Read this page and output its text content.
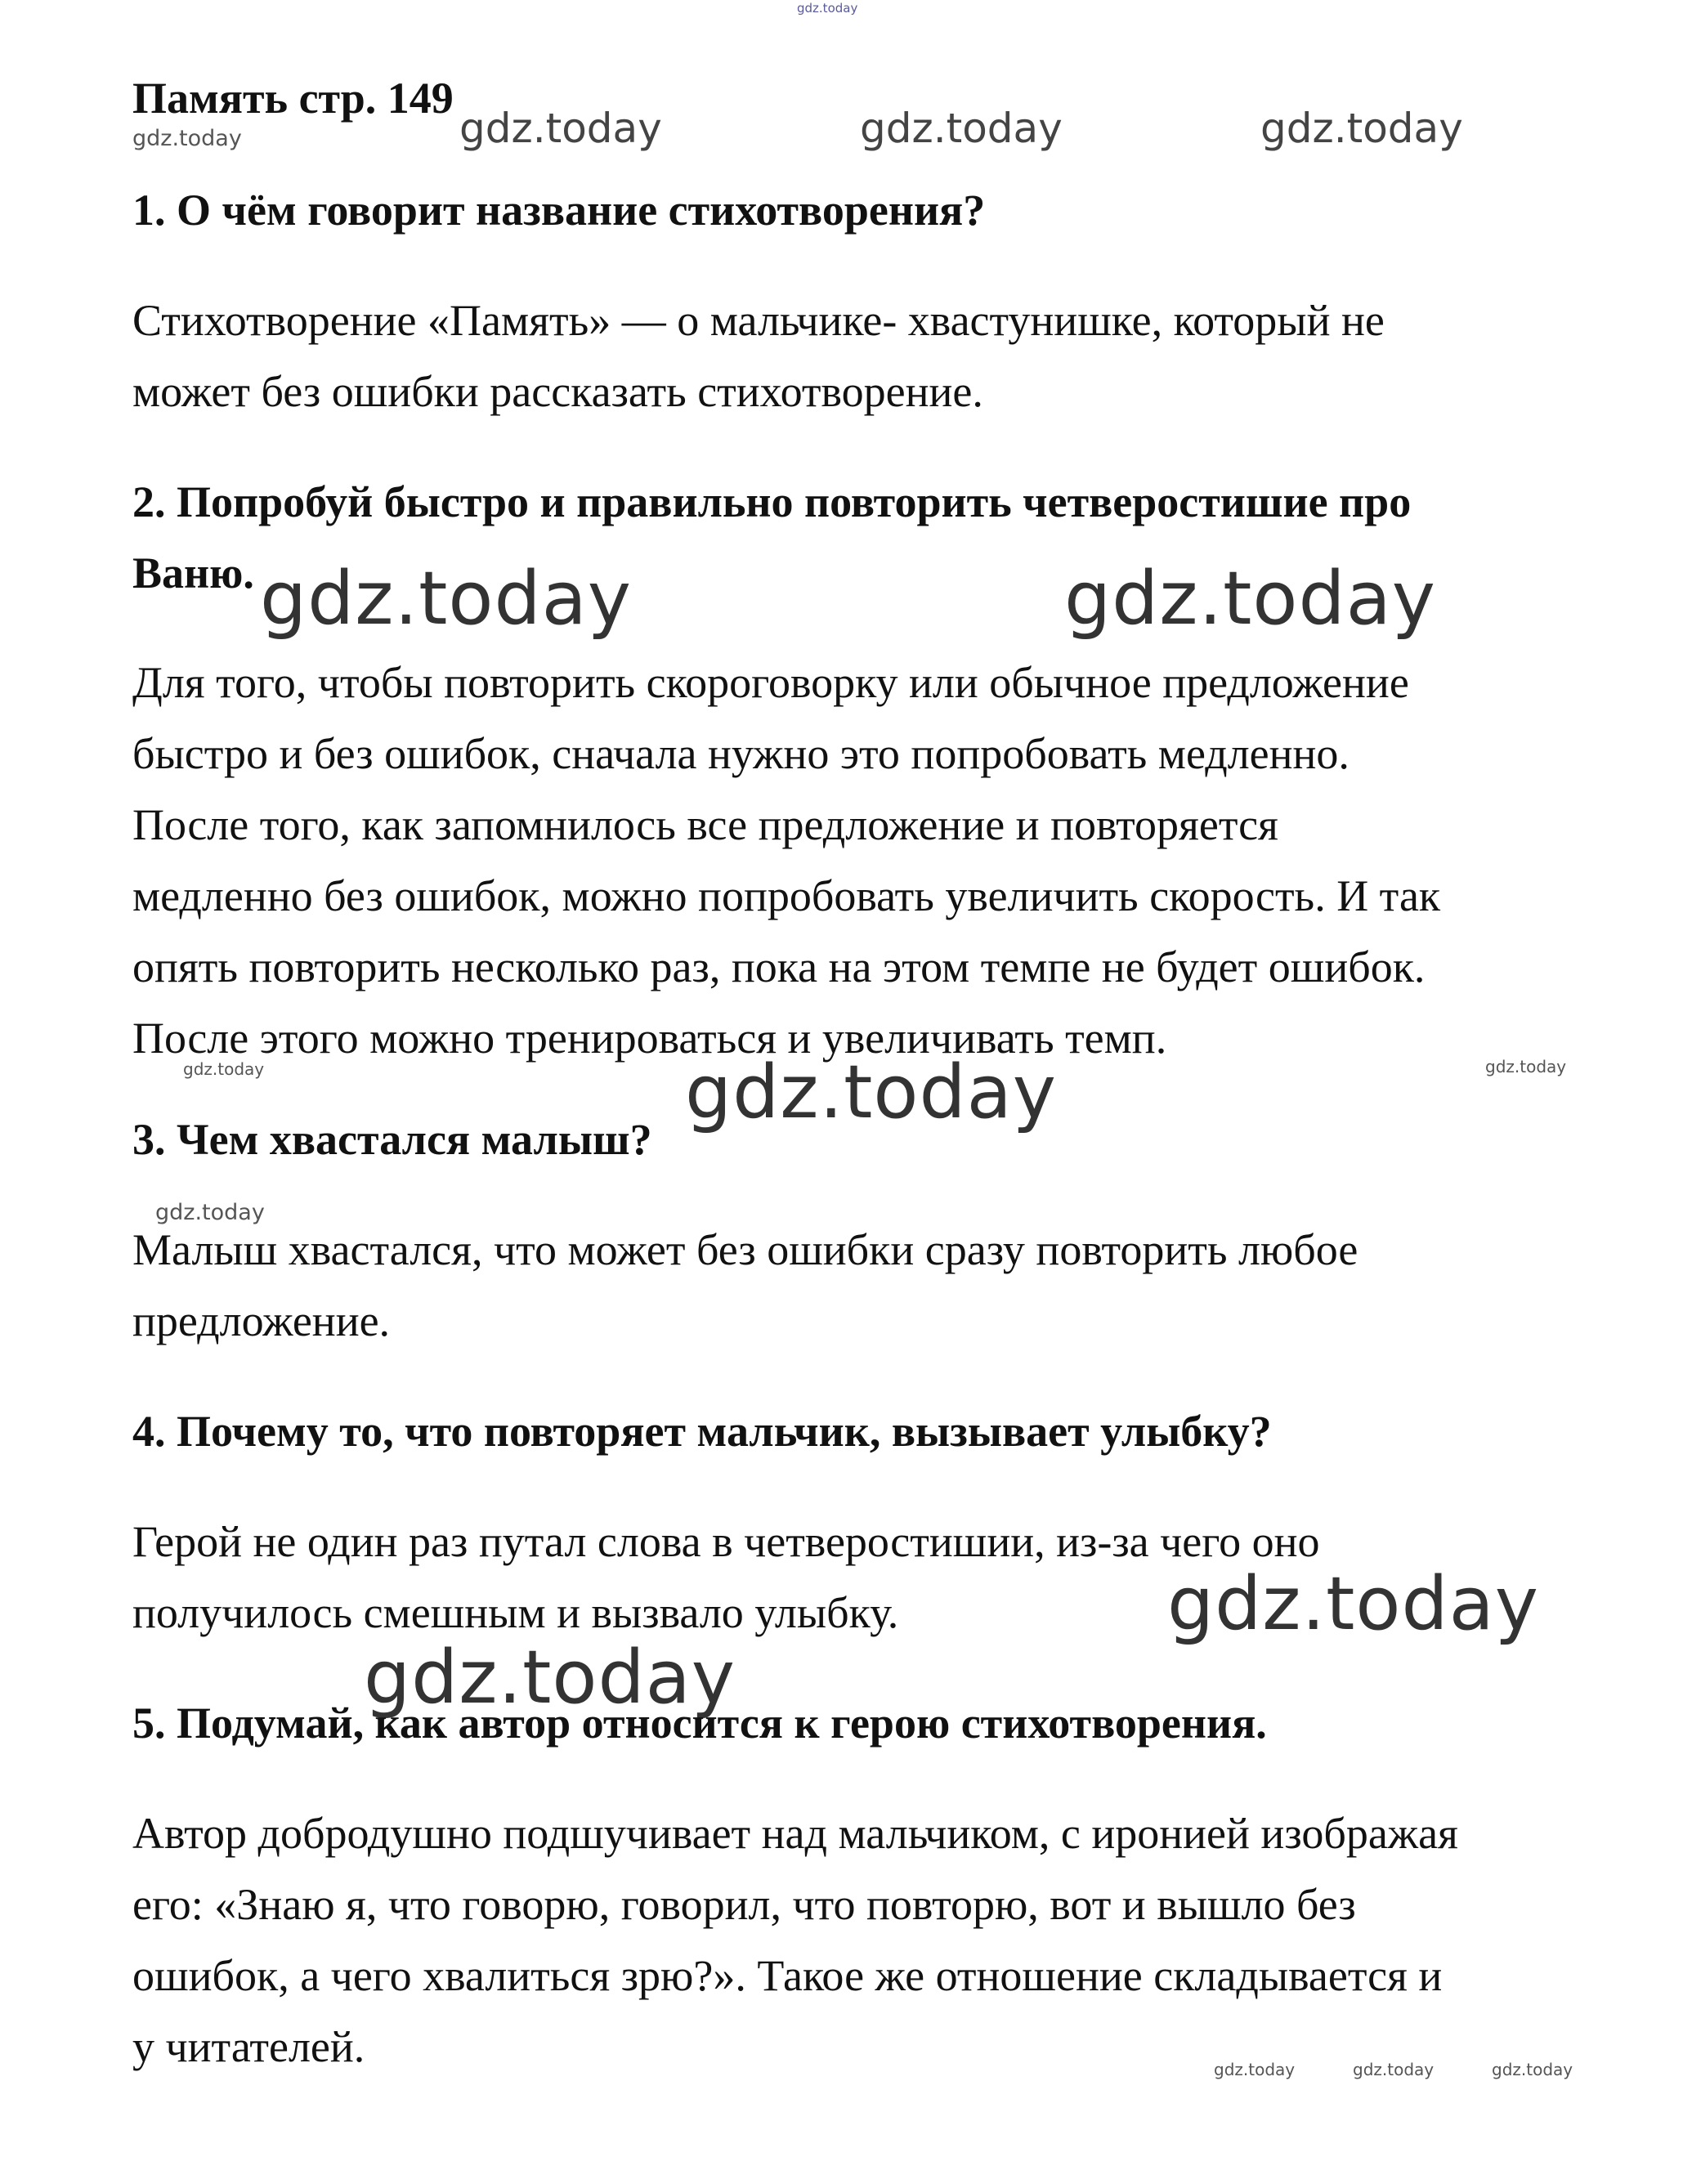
gdz.today
gdz.today	gdz.today	gdz.today	gdz.today
gdz.today	gdz.today
gdz.today	gdz.today
gdz.today
gdz.today
gdz.today
gdz.today
gdz.today	gdz.today	gdz.today
Память стр. 149
1. О чём говорит название стихотворения?
Стихотворение «Память» — о мальчике- хвастунишке, который не
может без ошибки рассказать стихотворение.
2. Попробуй быстро и правильно повторить четверостишие про
Ваню.
Для того, чтобы повторить скороговорку или обычное предложение
быстро и без ошибок, сначала нужно это попробовать медленно.
После того, как запомнилось все предложение и повторяется
медленно без ошибок, можно попробовать увеличить скорость. И так
опять повторить несколько раз, пока на этом темпе не будет ошибок.
После этого можно тренироваться и увеличивать темп.
3. Чем хвастался малыш?
Малыш хвастался, что может без ошибки сразу повторить любое
предложение.
4. Почему то, что повторяет мальчик, вызывает улыбку?
Герой не один раз путал слова в четверостишии, из-за чего оно
получилось смешным и вызвало улыбку.
5. Подумай, как автор относится к герою стихотворения.
Автор добродушно подшучивает над мальчиком, с иронией изображая
его: «Знаю я, что говорю, говорил, что повторю, вот и вышло без
ошибок, а чего хвалиться зрю?». Такое же отношение складывается и
у читателей.
